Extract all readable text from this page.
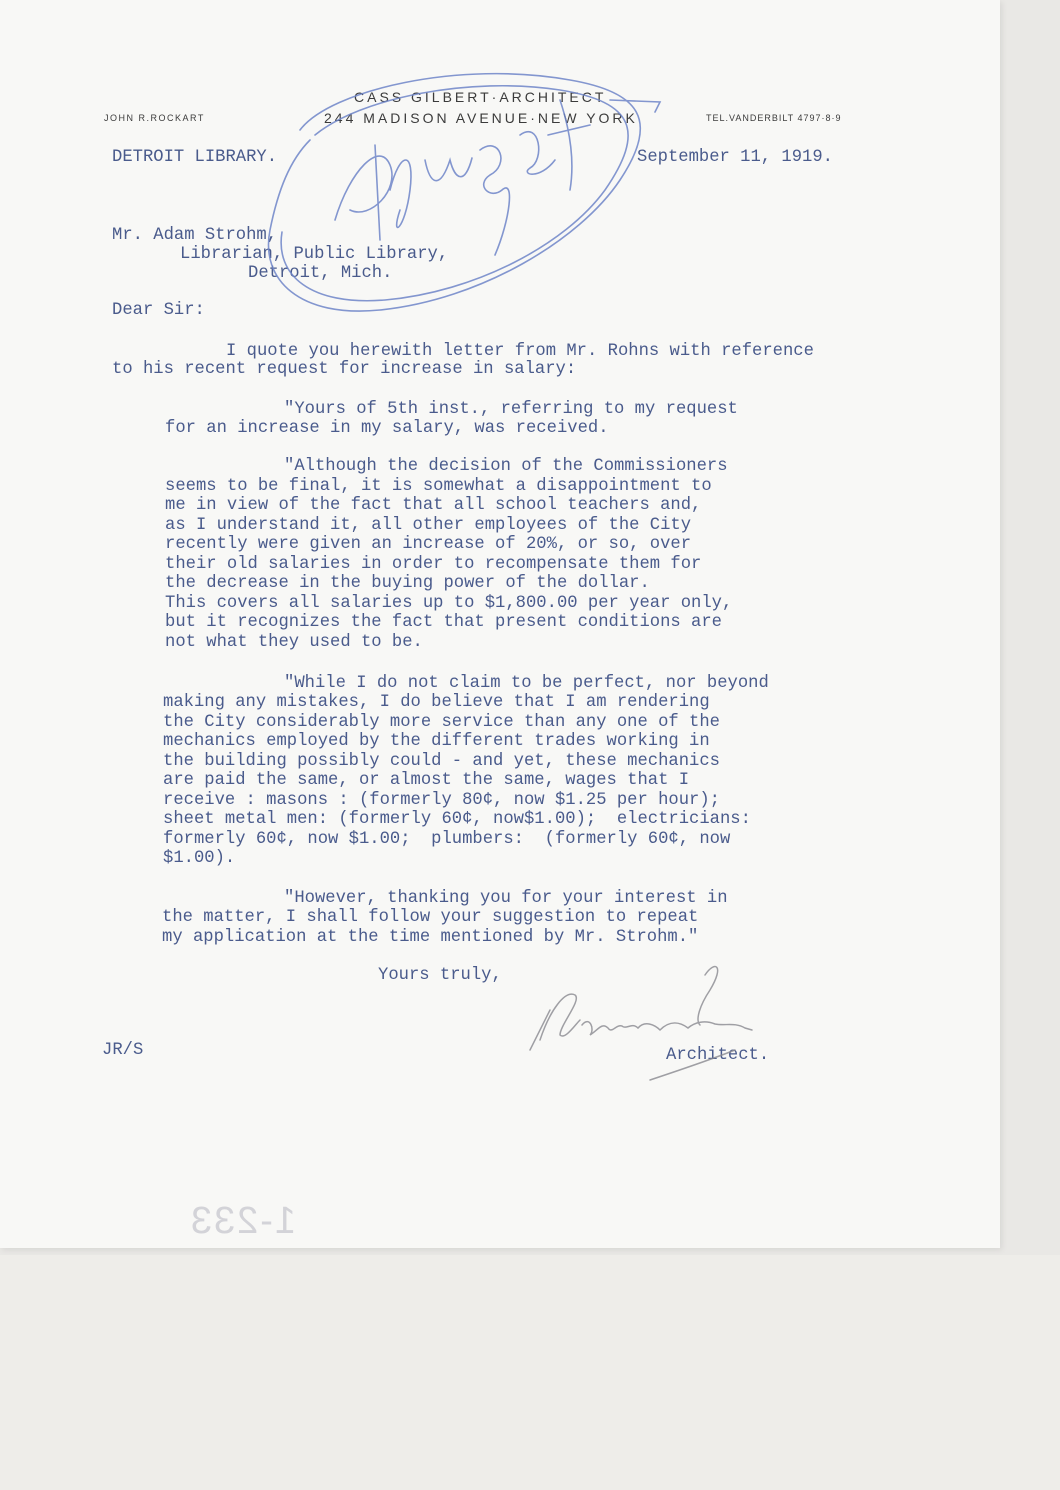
1-233
JOHN R.ROCKART
CASS GILBERT·ARCHITECT
244 MADISON AVENUE·NEW YORK	TEL.VANDERBILT 4797·8·9

DETROIT LIBRARY.	September 11, 1919.

Mr. Adam Strohm,

Librarian, Public Library,

Detroit, Mich.

Dear Sir:

I quote you herewith letter from Mr. Rohns with reference

to his recent request for increase in salary:

"Yours of 5th inst., referring to my request

for an increase in my salary, was received.

"Although the decision of the Commissioners

seems to be final, it is somewhat a disappointment to

me in view of the fact that all school teachers and,

as I understand it, all other employees of the City

recently were given an increase of 20%, or so, over

their old salaries in order to recompensate them for

the decrease in the buying power of the dollar.

This covers all salaries up to $1,800.00 per year only,

but it recognizes the fact that present conditions are

not what they used to be.

"While I do not claim to be perfect, nor beyond

making any mistakes, I do believe that I am rendering

the City considerably more service than any one of the

mechanics employed by the different trades working in

the building possibly could - and yet, these mechanics

are paid the same, or almost the same, wages that I

receive : masons : (formerly 80¢, now $1.25 per hour);

sheet metal men: (formerly 60¢, now$1.00);  electricians:

formerly 60¢, now $1.00;  plumbers:  (formerly 60¢, now

$1.00).

"However, thanking you for your interest in

the matter, I shall follow your suggestion to repeat

my application at the time mentioned by Mr. Strohm."

Yours truly,

Architect.

JR/S
